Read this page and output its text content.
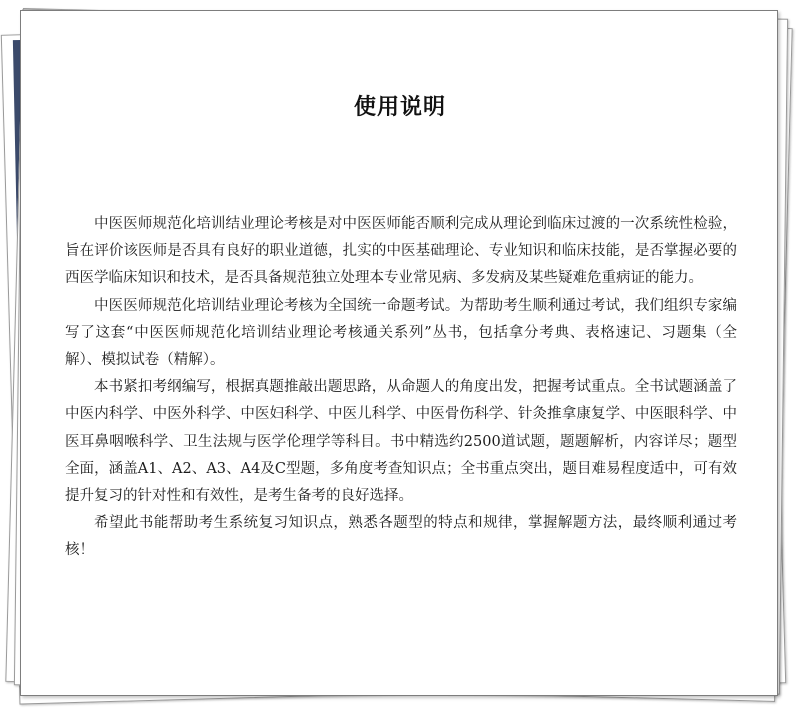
使用说明

中医医师规范化培训结业理论考核是对中医医师能否顺利完成从理论到临床过渡的一次系统性检验，旨在评价该医师是否具有良好的职业道德，扎实的中医基础理论、专业知识和临床技能，是否掌握必要的西医学临床知识和技术，是否具备规范独立处理本专业常见病、多发病及某些疑难危重病证的能力。

中医医师规范化培训结业理论考核为全国统一命题考试。为帮助考生顺利通过考试，我们组织专家编写了这套“中医医师规范化培训结业理论考核通关系列”丛书，包括拿分考典、表格速记、习题集（全解）、模拟试卷（精解）。

本书紧扣考纲编写，根据真题推敲出题思路，从命题人的角度出发，把握考试重点。全书试题涵盖了中医内科学、中医外科学、中医妇科学、中医儿科学、中医骨伤科学、针灸推拿康复学、中医眼科学、中医耳鼻咽喉科学、卫生法规与医学伦理学等科目。书中精选约2500道试题，题题解析，内容详尽；题型全面，涵盖A1、A2、A3、A4及C型题，多角度考查知识点；全书重点突出，题目难易程度适中，可有效提升复习的针对性和有效性，是考生备考的良好选择。

希望此书能帮助考生系统复习知识点，熟悉各题型的特点和规律，掌握解题方法，最终顺利通过考核！
